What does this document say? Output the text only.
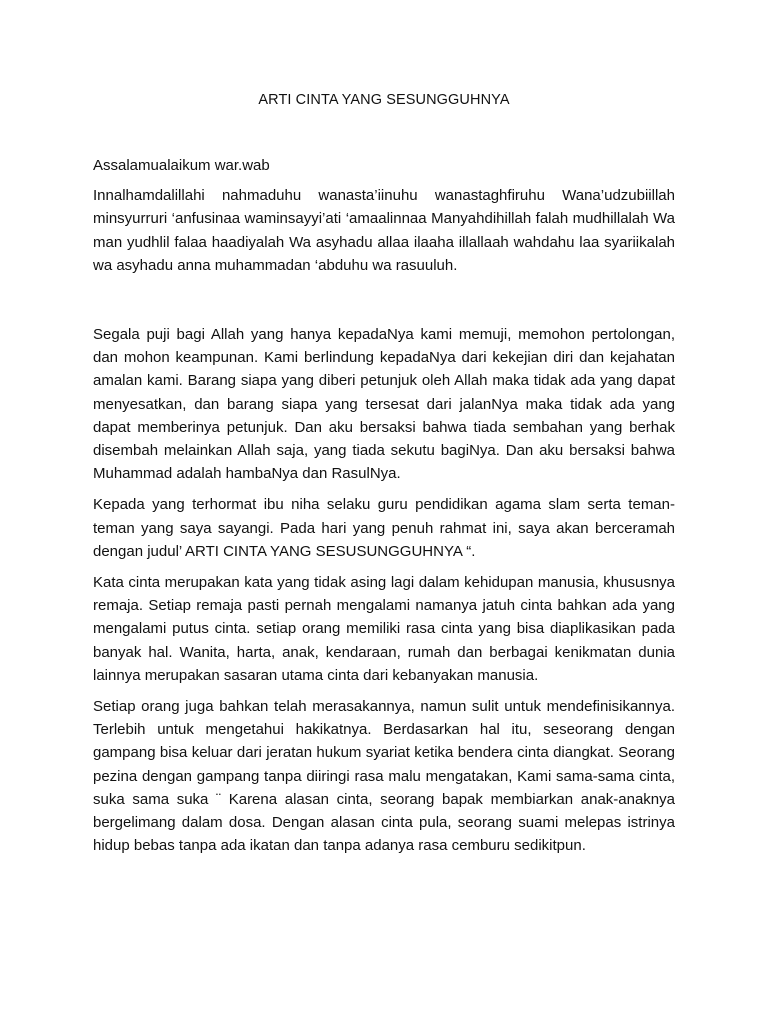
ARTI CINTA YANG SESUNGGUHNYA

Assalamualaikum war.wab

Innalhamdalillahi nahmaduhu wanasta’iinuhu wanastaghfiruhu Wana’udzubiillah minsyurruri ‘anfusinaa waminsayyi’ati ‘amaalinnaa Manyahdihillah falah mudhillalah Wa man yudhlil falaa haadiyalah Wa asyhadu allaa ilaaha illallaah wahdahu laa syariikalah wa asyhadu anna muhammadan ‘abduhu wa rasuuluh.

Segala puji bagi Allah yang hanya kepadaNya kami memuji, memohon pertolongan, dan mohon keampunan. Kami berlindung kepadaNya dari kekejian diri dan kejahatan amalan kami. Barang siapa yang diberi petunjuk oleh Allah maka tidak ada yang dapat menyesatkan, dan barang siapa yang tersesat dari jalanNya maka tidak ada yang dapat memberinya petunjuk. Dan aku bersaksi bahwa tiada sembahan yang berhak disembah melainkan Allah saja, yang tiada sekutu bagiNya. Dan aku bersaksi bahwa Muhammad adalah hambaNya dan RasulNya.

Kepada yang terhormat ibu niha selaku guru pendidikan agama slam serta teman-teman yang saya sayangi. Pada hari yang penuh rahmat ini, saya akan berceramah dengan judul’ ARTI CINTA YANG SESUSUNGGUHNYA “.

Kata cinta merupakan kata yang tidak asing lagi dalam kehidupan manusia, khususnya remaja. Setiap remaja pasti pernah mengalami namanya jatuh cinta bahkan ada yang mengalami putus cinta. setiap orang memiliki rasa cinta yang bisa diaplikasikan pada banyak hal. Wanita, harta, anak, kendaraan, rumah dan berbagai kenikmatan dunia lainnya merupakan sasaran utama cinta dari kebanyakan manusia.

Setiap orang juga bahkan telah merasakannya, namun sulit untuk mendefinisikannya. Terlebih untuk mengetahui hakikatnya. Berdasarkan hal itu, seseorang dengan gampang bisa keluar dari jeratan hukum syariat ketika bendera cinta diangkat. Seorang pezina dengan gampang tanpa diiringi rasa malu mengatakan, Kami sama-sama cinta, suka sama suka ¨ Karena alasan cinta, seorang bapak membiarkan anak-anaknya bergelimang dalam dosa. Dengan alasan cinta pula, seorang suami melepas istrinya hidup bebas tanpa ada ikatan dan tanpa adanya rasa cemburu sedikitpun.
